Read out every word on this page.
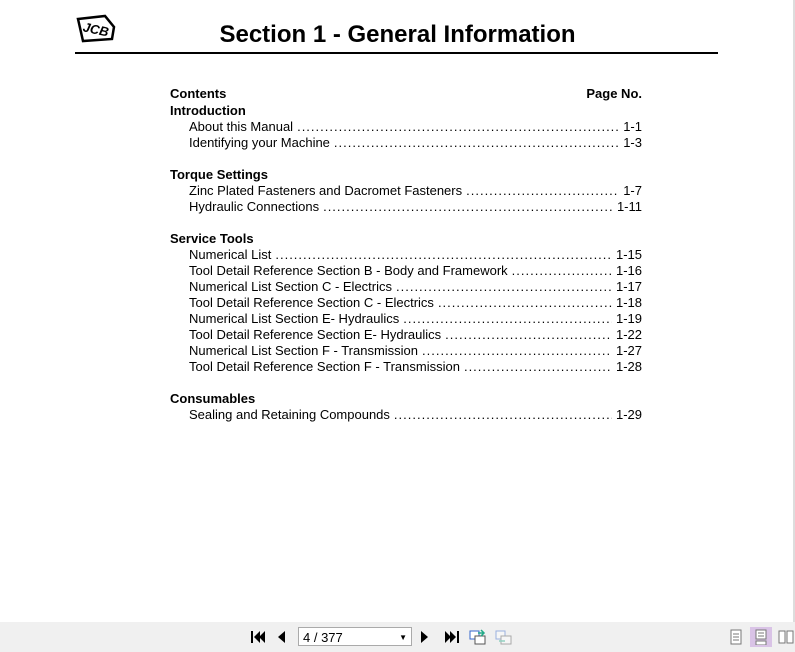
JCB	Section 1 - General Information
Contents	Page No.
Introduction
About this Manual .....	1-1
Identifying your Machine .....	1-3
Torque Settings
Zinc Plated Fasteners and Dacromet Fasteners .....	1-7
Hydraulic Connections .....	1-11
Service Tools
Numerical List .....	1-15
Tool Detail Reference Section B - Body and Framework .....	1-16
Numerical List Section C - Electrics .....	1-17
Tool Detail Reference Section C - Electrics .....	1-18
Numerical List Section E- Hydraulics .....	1-19
Tool Detail Reference Section E- Hydraulics .....	1-22
Numerical List Section F - Transmission .....	1-27
Tool Detail Reference Section F - Transmission .....	1-28
Consumables
Sealing and Retaining Compounds .....	1-29
4 / 377	▼
